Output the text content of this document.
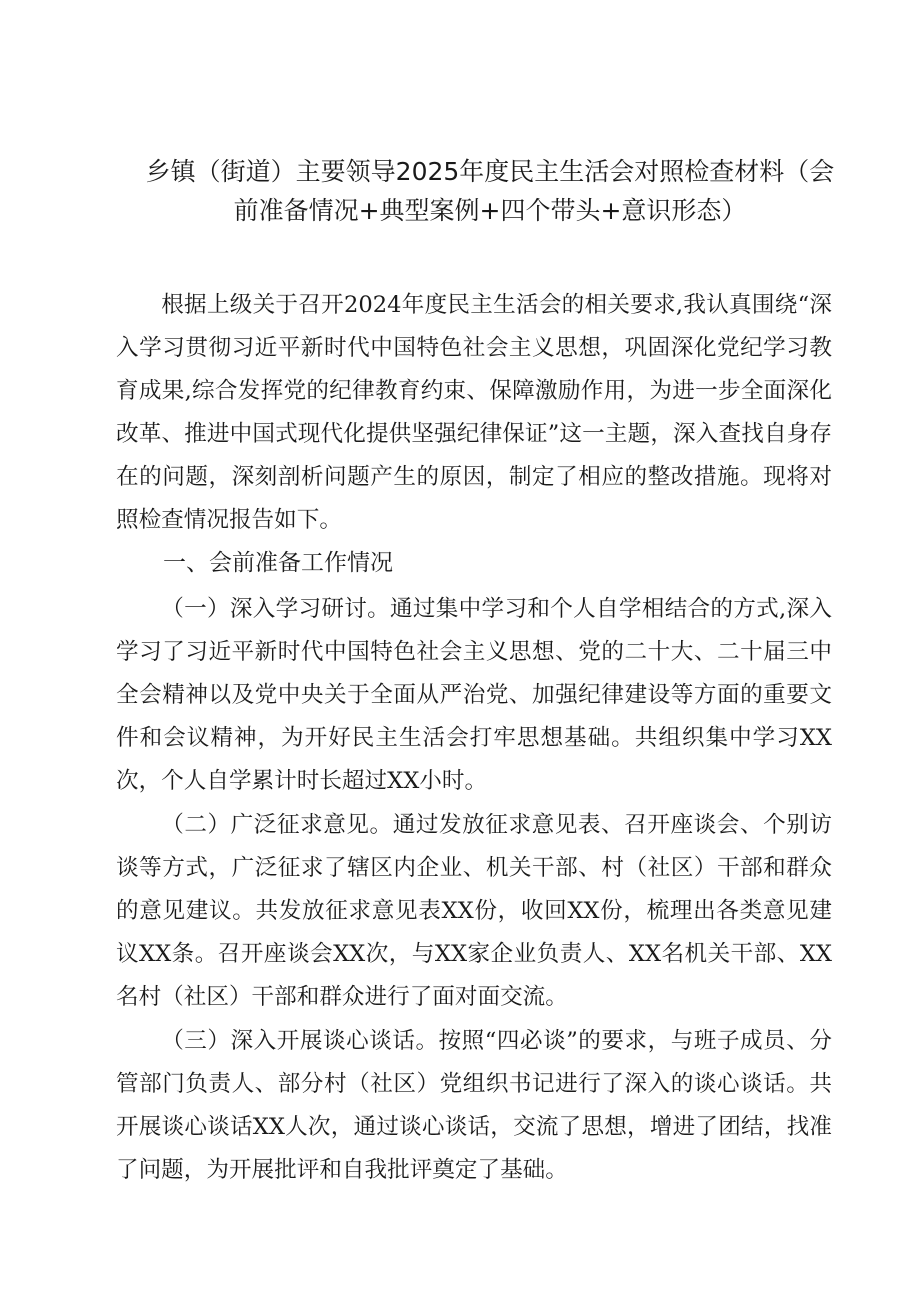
乡镇（街道）主要领导2025年度民主生活会对照检查材料（会
前准备情况+典型案例+四个带头+意识形态）

根据上级关于召开2024年度民主生活会的相关要求,我认真围绕“深入学习贯彻习近平新时代中国特色社会主义思想，巩固深化党纪学习教育成果,综合发挥党的纪律教育约束、保障激励作用，为进一步全面深化改革、推进中国式现代化提供坚强纪律保证”这一主题，深入查找自身存在的问题，深刻剖析问题产生的原因，制定了相应的整改措施。现将对照检查情况报告如下。

一、会前准备工作情况

（一）深入学习研讨。通过集中学习和个人自学相结合的方式,深入学习了习近平新时代中国特色社会主义思想、党的二十大、二十届三中全会精神以及党中央关于全面从严治党、加强纪律建设等方面的重要文件和会议精神，为开好民主生活会打牢思想基础。共组织集中学习XX次，个人自学累计时长超过XX小时。

（二）广泛征求意见。通过发放征求意见表、召开座谈会、个别访谈等方式，广泛征求了辖区内企业、机关干部、村（社区）干部和群众的意见建议。共发放征求意见表XX份，收回XX份，梳理出各类意见建议XX条。召开座谈会XX次，与XX家企业负责人、XX名机关干部、XX名村（社区）干部和群众进行了面对面交流。

（三）深入开展谈心谈话。按照“四必谈”的要求，与班子成员、分管部门负责人、部分村（社区）党组织书记进行了深入的谈心谈话。共开展谈心谈话XX人次，通过谈心谈话，交流了思想，增进了团结，找准了问题，为开展批评和自我批评奠定了基础。
